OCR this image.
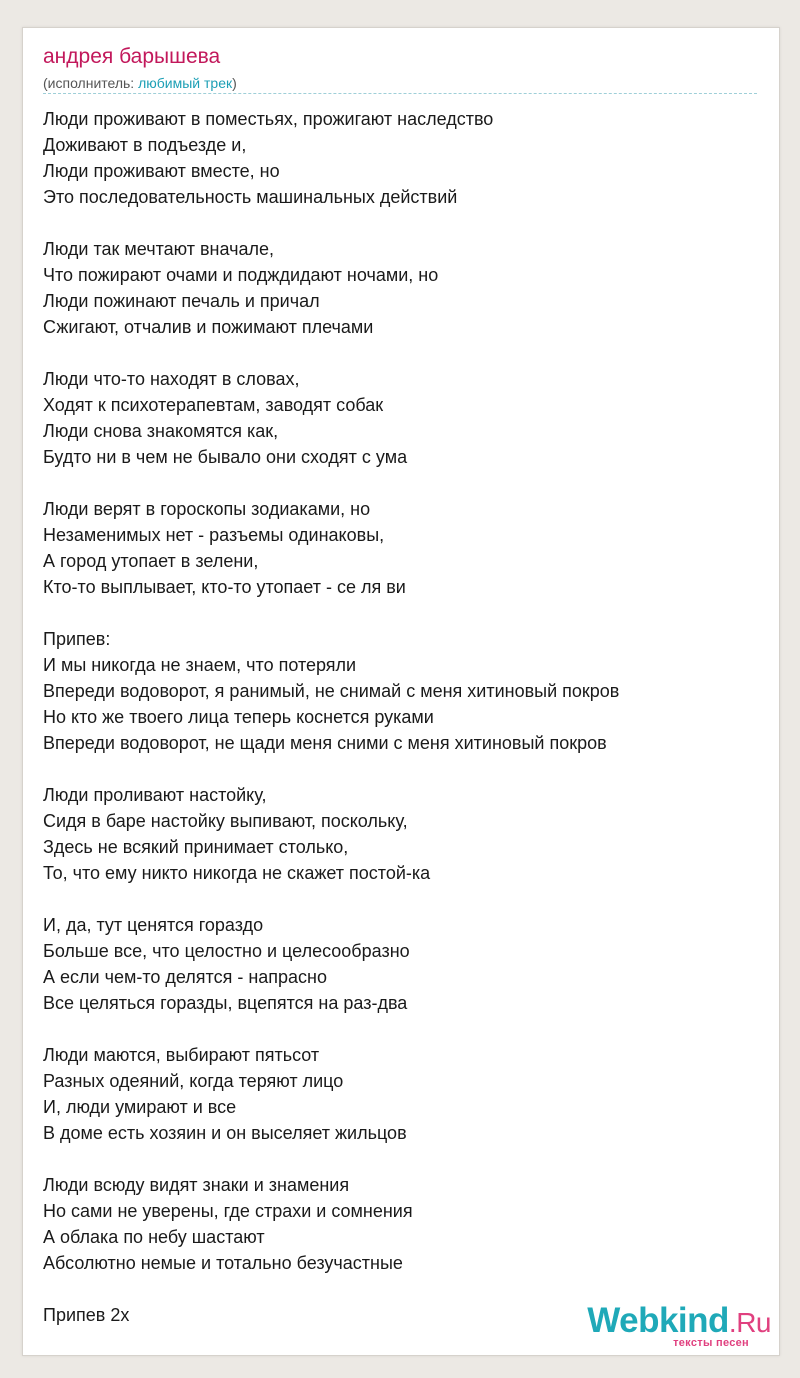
андрея барышева
(исполнитель: любимый трек)
Люди проживают в поместьях, прожигают наследство
Доживают в подъезде и,
Люди проживают вместе, но
Это последовательность машинальных действий
Люди так мечтают вначале,
Что пожирают очами и подждидают ночами, но
Люди пожинают печаль и причал
Сжигают, отчалив и пожимают плечами
Люди что-то находят в словах,
Ходят к психотерапевтам, заводят собак
Люди снова знакомятся как,
Будто ни в чем не бывало они сходят с ума
Люди верят в гороскопы зодиаками, но
Незаменимых нет - разъемы одинаковы,
А город утопает в зелени,
Кто-то выплывает, кто-то утопает - се ля ви
Припев:
И мы никогда не знаем, что потеряли
Впереди водоворот, я ранимый, не снимай с меня хитиновый покров
Но кто же твоего лица теперь коснется руками
Впереди водоворот, не щади меня сними с меня хитиновый покров
Люди проливают настойку,
Сидя в баре настойку выпивают, поскольку,
Здесь не всякий принимает столько,
То, что ему никто никогда не скажет постой-ка
И, да, тут ценятся гораздо
Больше все, что целостно и целесообразно
А если чем-то делятся - напрасно
Все целяться горазды, вцепятся на раз-два
Люди маются, выбирают пятьсот
Разных одеяний, когда теряют лицо
И, люди умирают и все
В доме есть хозяин и он выселяет жильцов
Люди всюду видят знаки и знамения
Но сами не уверены, где страхи и сомнения
А облака по небу шастают
Абсолютно немые и тотально безучастные
Припев 2x	Webkind.Ru
тексты песен
